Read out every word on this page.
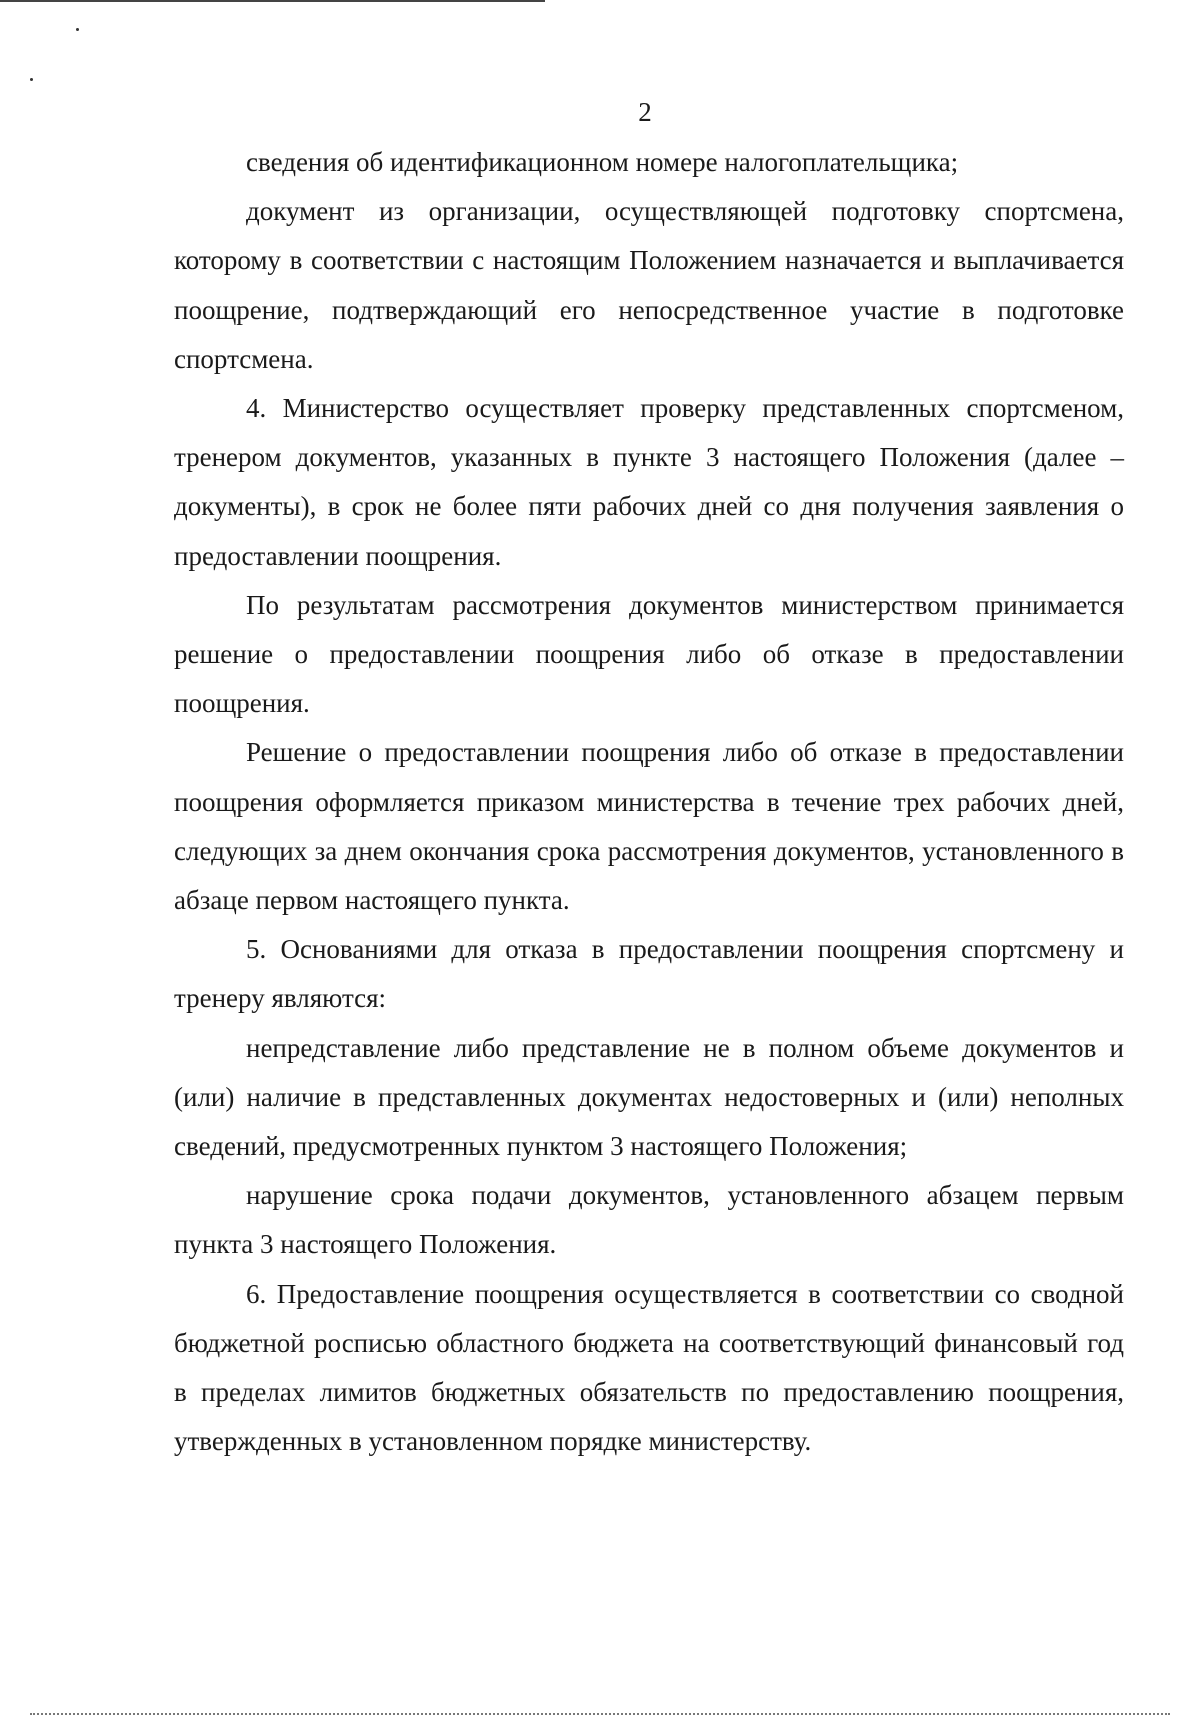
2

сведения об идентификационном номере налогоплательщика;

документ из организации, осуществляющей подготовку спортсмена, которому в соответствии с настоящим Положением назначается и выплачивается поощрение, подтверждающий его непосредственное участие в подготовке спортсмена.

4. Министерство осуществляет проверку представленных спортсменом, тренером документов, указанных в пункте 3 настоящего Положения (далее – документы), в срок не более пяти рабочих дней со дня получения заявления о предоставлении поощрения.

По результатам рассмотрения документов министерством принимается решение о предоставлении поощрения либо об отказе в предоставлении поощрения.

Решение о предоставлении поощрения либо об отказе в предоставлении поощрения оформляется приказом министерства в течение трех рабочих дней, следующих за днем окончания срока рассмотрения документов, установленного в абзаце первом настоящего пункта.

5. Основаниями для отказа в предоставлении поощрения спортсмену и тренеру являются:

непредставление либо представление не в полном объеме документов и (или) наличие в представленных документах недостоверных и (или) неполных сведений, предусмотренных пунктом 3 настоящего Положения;

нарушение срока подачи документов, установленного абзацем первым пункта 3 настоящего Положения.

6. Предоставление поощрения осуществляется в соответствии со сводной бюджетной росписью областного бюджета на соответствующий финансовый год в пределах лимитов бюджетных обязательств по предоставлению поощрения, утвержденных в установленном порядке министерству.
